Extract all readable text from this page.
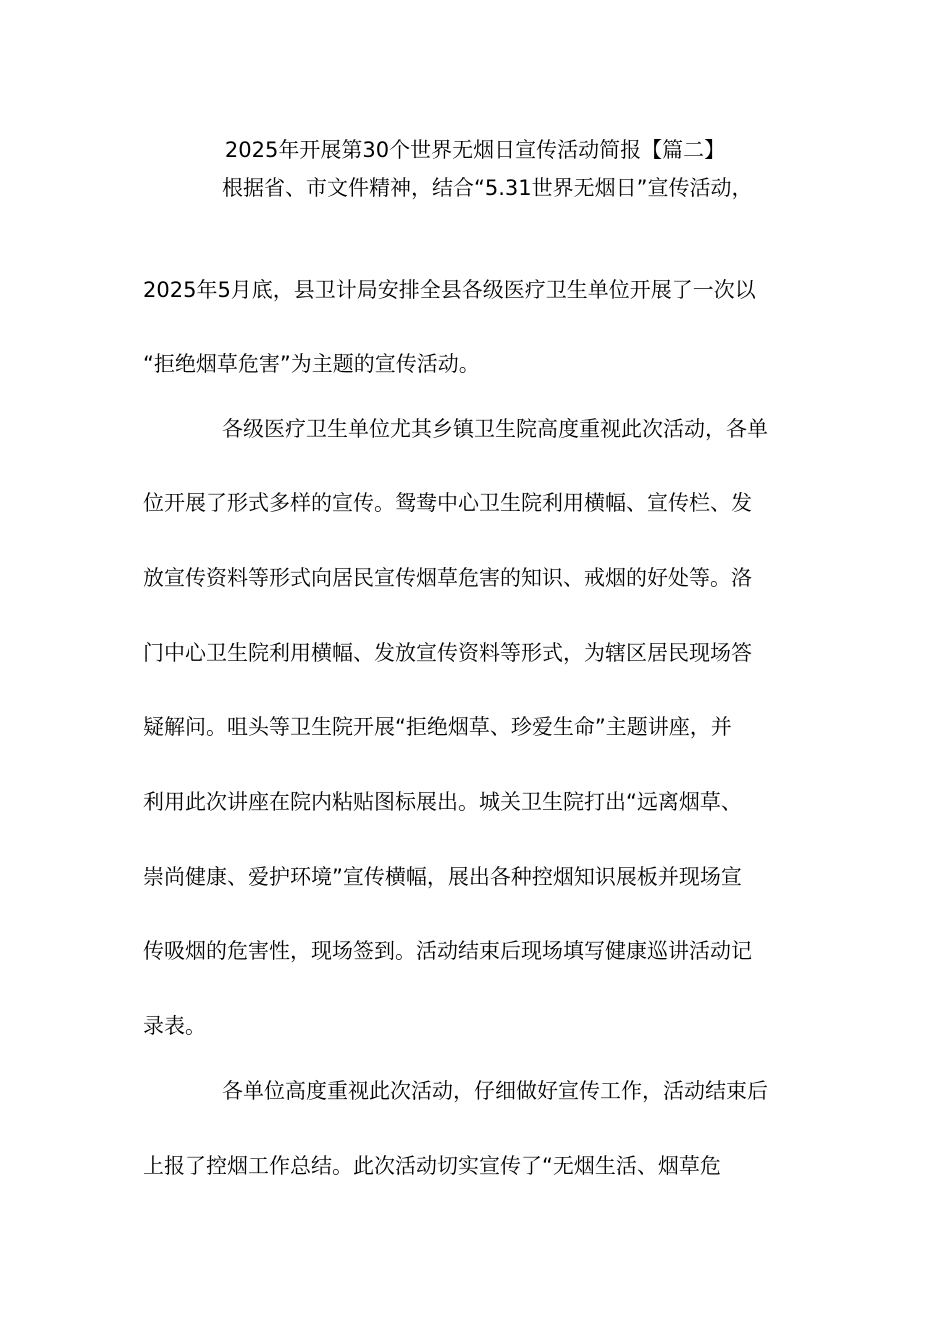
2025年开展第30个世界无烟日宣传活动简报【篇二】
根据省、市文件精神，结合“5.31世界无烟日”宣传活动，
2025年5月底，县卫计局安排全县各级医疗卫生单位开展了一次以
“拒绝烟草危害”为主题的宣传活动。
各级医疗卫生单位尤其乡镇卫生院高度重视此次活动，各单
位开展了形式多样的宣传。鸳鸯中心卫生院利用横幅、宣传栏、发
放宣传资料等形式向居民宣传烟草危害的知识、戒烟的好处等。洛
门中心卫生院利用横幅、发放宣传资料等形式，为辖区居民现场答
疑解问。咀头等卫生院开展“拒绝烟草、珍爱生命”主题讲座，并
利用此次讲座在院内粘贴图标展出。城关卫生院打出“远离烟草、
崇尚健康、爱护环境”宣传横幅，展出各种控烟知识展板并现场宣
传吸烟的危害性，现场签到。活动结束后现场填写健康巡讲活动记
录表。
各单位高度重视此次活动，仔细做好宣传工作，活动结束后
上报了控烟工作总结。此次活动切实宣传了“无烟生活、烟草危
